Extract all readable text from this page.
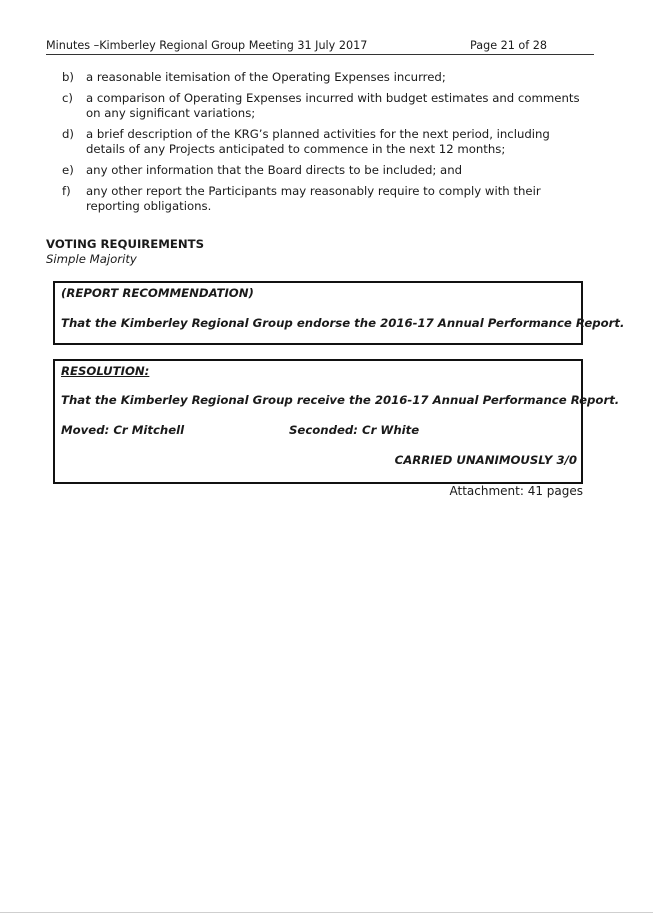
Minutes –Kimberley Regional Group Meeting 31 July 2017	Page 21 of 28
b) a reasonable itemisation of the Operating Expenses incurred;
c) a comparison of Operating Expenses incurred with budget estimates and comments on any significant variations;
d) a brief description of the KRG’s planned activities for the next period, including details of any Projects anticipated to commence in the next 12 months;
e) any other information that the Board directs to be included; and
f) any other report the Participants may reasonably require to comply with their reporting obligations.
VOTING REQUIREMENTS
Simple Majority
(REPORT RECOMMENDATION)
That the Kimberley Regional Group endorse the 2016-17 Annual Performance Report.
RESOLUTION:
That the Kimberley Regional Group receive the 2016-17 Annual Performance Report.
Moved: Cr Mitchell	Seconded: Cr White
CARRIED UNANIMOUSLY 3/0
Attachment: 41 pages
